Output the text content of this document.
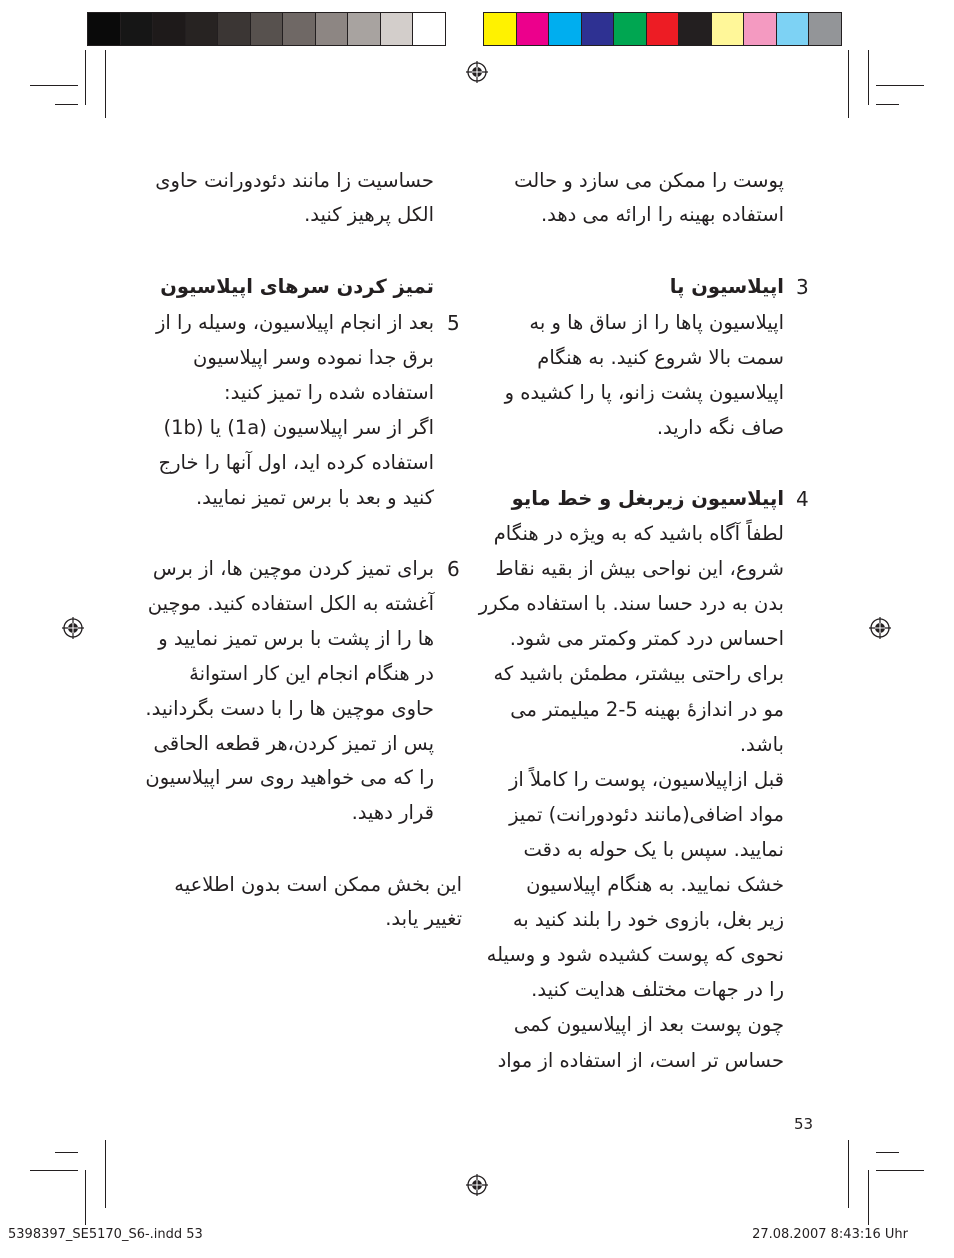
پوست را ممکن می سازد و حالت
استفاده بهینه را ارائه می دهد.
3
اپیلاسیون پا
اپیلاسیون پاها را از ساق ها و به
سمت بالا شروع کنید. به هنگام
اپیلاسیون پشت زانو، پا را کشیده و
صاف نگه دارید.
4
اپیلاسیون زیربغل و خط مایو
لطفاً آگاه باشید که به ویژه در هنگام
شروع، این نواحی بیش از بقیه نقاط
بدن به درد حسا سند. با استفاده مکرر
احساس درد کمتر وکمتر می شود.
برای راحتی بیشتر، مطمئن باشید که
مو در اندازۀ بهینه 5-2 میلیمتر می
باشد.
قبل ازاپیلاسیون، پوست را کاملاً از
مواد اضافی(مانند دئودورانت) تمیز
نمایید. سپس با یک حوله به دقت
خشک نمایید. به هنگام اپیلاسیون
زیر بغل، بازوی خود را بلند کنید به
نحوی که پوست کشیده شود و وسیله
را در جهات مختلف هدایت کنید.
چون پوست بعد از اپیلاسیون کمی
حساس تر است، از استفاده از مواد
حساسیت زا مانند دئودورانت حاوی
الکل پرهیز کنید.
تمیز کردن سرهای اپیلاسیون
5
بعد از انجام اپیلاسیون، وسیله را از
برق جدا نموده وسر اپیلاسیون
استفاده شده را تمیز کنید:
اگر از سر اپیلاسیون (1a) یا (1b)
استفاده کرده اید، اول آنها را خارج
کنید و بعد با برس تمیز نمایید.
6
برای تمیز کردن موچین ها، از برس
آغشته به الکل استفاده کنید. موچین
ها را از پشت با برس تمیز نمایید و
در هنگام انجام این کار استوانۀ
حاوی موچین ها را با دست بگردانید.
پس از تمیز کردن،هر قطعه الحاقی
را که می خواهید روی سر اپیلاسیون
قرار دهید.
این بخش ممکن است بدون اطلاعیه
تغییر یابد.
53
5398397_SE5170_S6-.indd 53	27.08.2007 8:43:16 Uhr
